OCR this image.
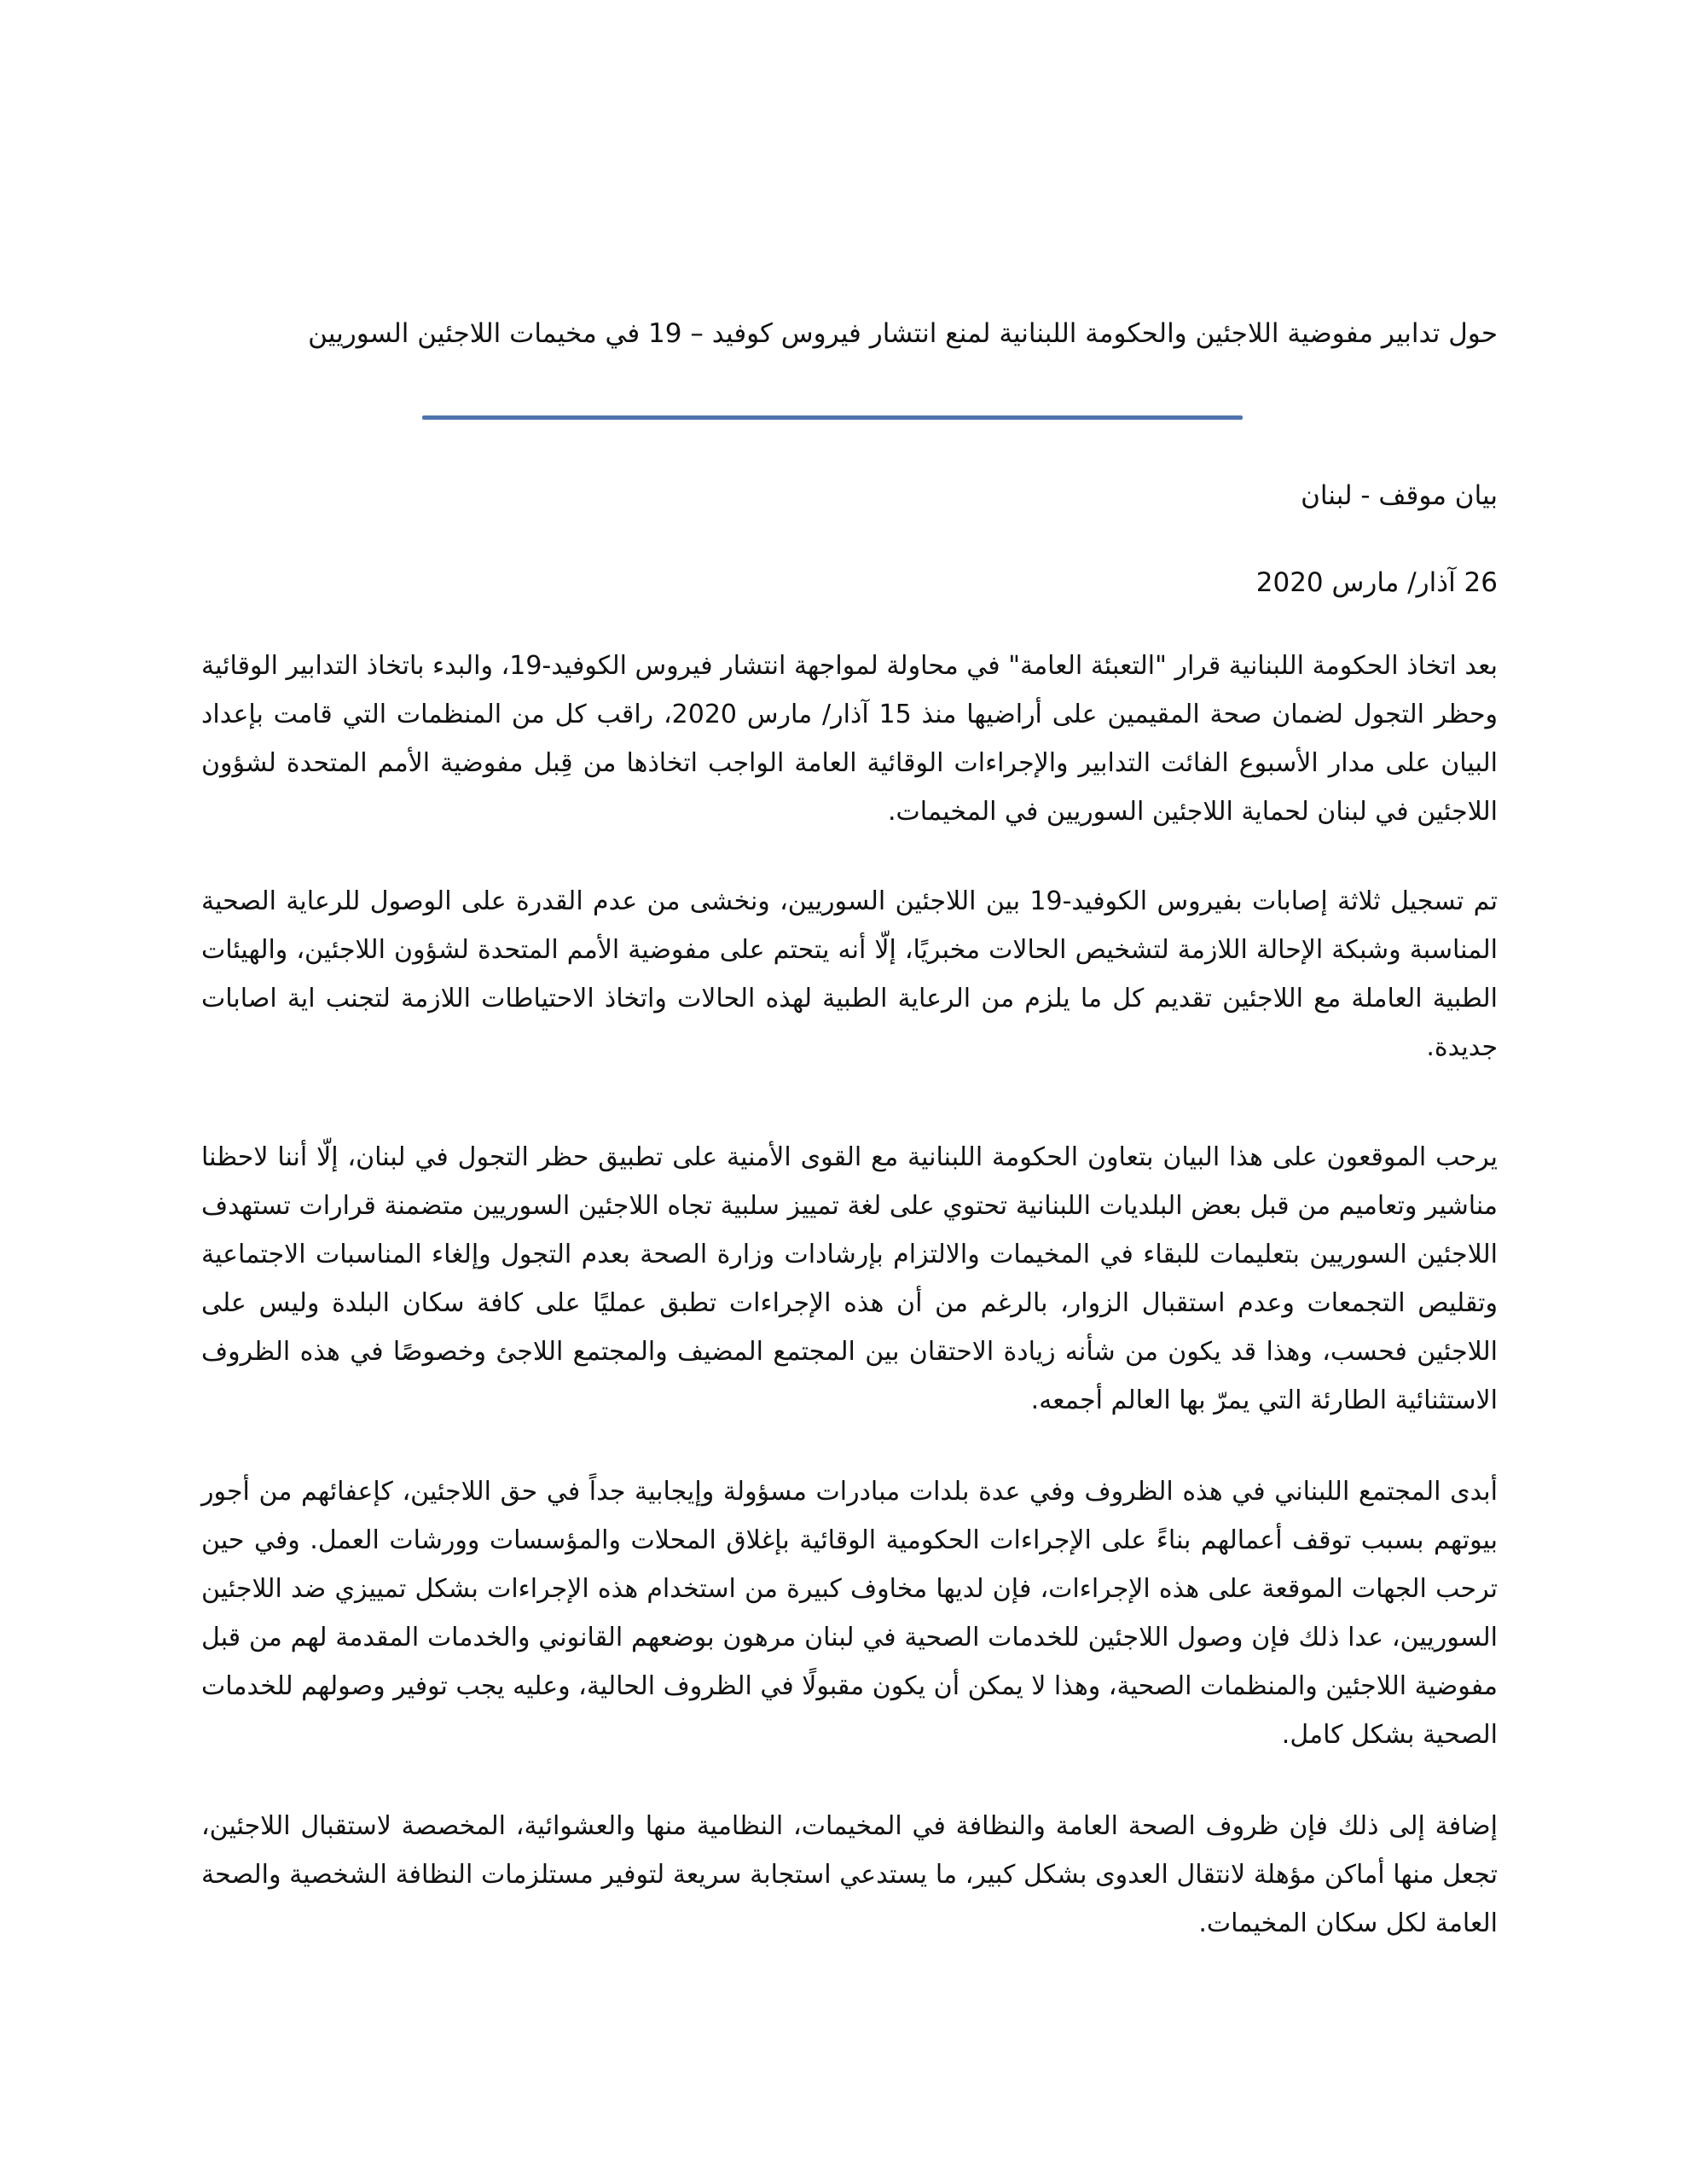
حول تدابير مفوضية اللاجئين والحكومة اللبنانية لمنع انتشار فيروس كوفيد – 19 في مخيمات اللاجئين السوريين

بيان موقف - لبنان

26 آذار/ مارس 2020

بعد اتخاذ الحكومة اللبنانية قرار "التعبئة العامة" في محاولة لمواجهة انتشار فيروس الكوفيد-19، والبدء باتخاذ التدابير الوقائية وحظر التجول لضمان صحة المقيمين على أراضيها منذ 15 آذار/ مارس 2020، راقب كل من المنظمات التي قامت بإعداد البيان على مدار الأسبوع الفائت التدابير والإجراءات الوقائية العامة الواجب اتخاذها من قِبل مفوضية الأمم المتحدة لشؤون اللاجئين في لبنان لحماية اللاجئين السوريين في المخيمات.

تم تسجيل ثلاثة إصابات بفيروس الكوفيد-19 بين اللاجئين السوريين، ونخشى من عدم القدرة على الوصول للرعاية الصحية المناسبة وشبكة الإحالة اللازمة لتشخيص الحالات مخبريًا، إلّا أنه يتحتم على مفوضية الأمم المتحدة لشؤون اللاجئين، والهيئات الطبية العاملة مع اللاجئين تقديم كل ما يلزم من الرعاية الطبية لهذه الحالات واتخاذ الاحتياطات اللازمة لتجنب اية اصابات جديدة.

يرحب الموقعون على هذا البيان بتعاون الحكومة اللبنانية مع القوى الأمنية على تطبيق حظر التجول في لبنان، إلّا أننا لاحظنا مناشير وتعاميم من قبل بعض البلديات اللبنانية تحتوي على لغة تمييز سلبية تجاه اللاجئين السوريين متضمنة قرارات تستهدف اللاجئين السوريين بتعليمات للبقاء في المخيمات والالتزام بإرشادات وزارة الصحة بعدم التجول وإلغاء المناسبات الاجتماعية وتقليص التجمعات وعدم استقبال الزوار، بالرغم من أن هذه الإجراءات تطبق عمليًا على كافة سكان البلدة وليس على اللاجئين فحسب، وهذا قد يكون من شأنه زيادة الاحتقان بين المجتمع المضيف والمجتمع اللاجئ وخصوصًا في هذه الظروف الاستثنائية الطارئة التي يمرّ بها العالم أجمعه.

أبدى المجتمع اللبناني في هذه الظروف وفي عدة بلدات مبادرات مسؤولة وإيجابية جداً في حق اللاجئين، كإعفائهم من أجور بيوتهم بسبب توقف أعمالهم بناءً على الإجراءات الحكومية الوقائية بإغلاق المحلات والمؤسسات وورشات العمل. وفي حين ترحب الجهات الموقعة على هذه الإجراءات، فإن لديها مخاوف كبيرة من استخدام هذه الإجراءات بشكل تمييزي ضد اللاجئين السوريين، عدا ذلك فإن وصول اللاجئين للخدمات الصحية في لبنان مرهون بوضعهم القانوني والخدمات المقدمة لهم من قبل مفوضية اللاجئين والمنظمات الصحية، وهذا لا يمكن أن يكون مقبولًا في الظروف الحالية، وعليه يجب توفير وصولهم للخدمات الصحية بشكل كامل.

إضافة إلى ذلك فإن ظروف الصحة العامة والنظافة في المخيمات، النظامية منها والعشوائية، المخصصة لاستقبال اللاجئين، تجعل منها أماكن مؤهلة لانتقال العدوى بشكل كبير، ما يستدعي استجابة سريعة لتوفير مستلزمات النظافة الشخصية والصحة العامة لكل سكان المخيمات.
